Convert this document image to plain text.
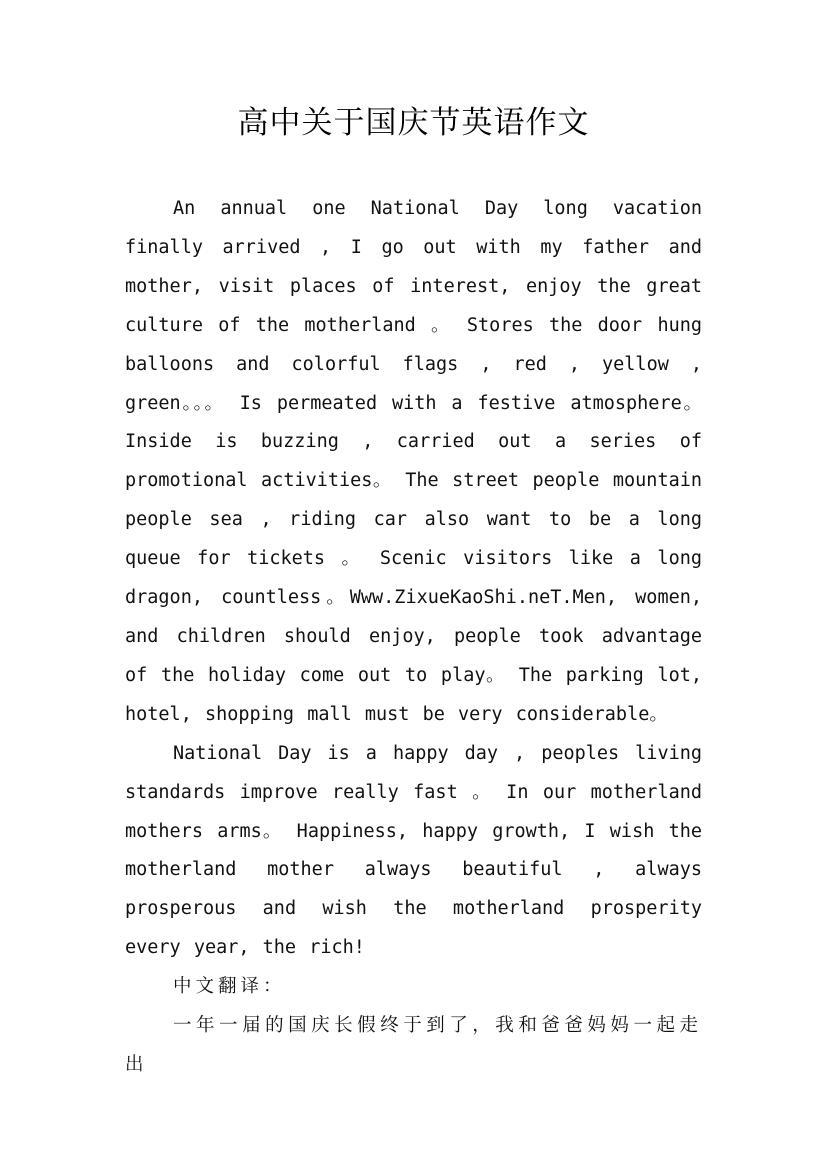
高中关于国庆节英语作文

An annual one National Day long vacation finally arrived , I go out with my father and mother, visit places of interest, enjoy the great culture of the motherland 。 Stores the door hung balloons and colorful flags , red , yellow , green。。。 Is permeated with a festive atmosphere。 Inside is buzzing , carried out a series of promotional activities。 The street people mountain people sea , riding car also want to be a long queue for tickets 。 Scenic visitors like a long dragon, countless。Www.ZixueKaoShi.neT.Men, women, and children should enjoy, people took advantage of the holiday come out to play。 The parking lot, hotel, shopping mall must be very considerable。

National Day is a happy day , peoples living standards improve really fast 。 In our motherland mothers arms。 Happiness, happy growth, I wish the motherland mother always beautiful , always prosperous and wish the motherland prosperity every year, the rich!

中文翻译：

一年一届的国庆长假终于到了，我和爸爸妈妈一起走出
